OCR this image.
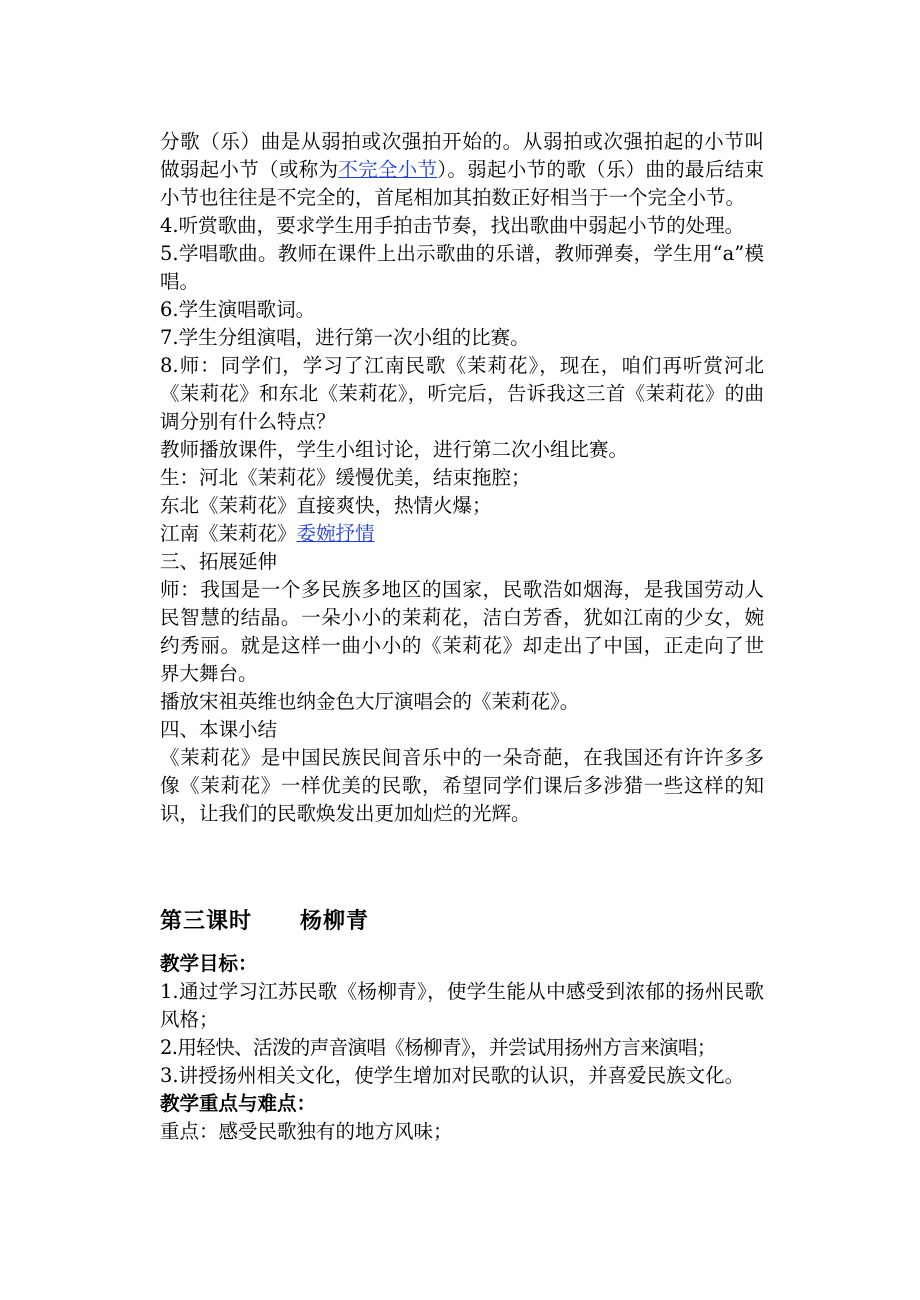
分歌（乐）曲是从弱拍或次强拍开始的。从弱拍或次强拍起的小节叫做弱起小节（或称为不完全小节）。弱起小节的歌（乐）曲的最后结束小节也往往是不完全的，首尾相加其拍数正好相当于一个完全小节。

4.听赏歌曲，要求学生用手拍击节奏，找出歌曲中弱起小节的处理。

5.学唱歌曲。教师在课件上出示歌曲的乐谱，教师弹奏，学生用“a”模唱。

6.学生演唱歌词。

7.学生分组演唱，进行第一次小组的比赛。

8.师：同学们，学习了江南民歌《茉莉花》，现在，咱们再听赏河北《茉莉花》和东北《茉莉花》，听完后，告诉我这三首《茉莉花》的曲调分别有什么特点？

教师播放课件，学生小组讨论，进行第二次小组比赛。

生：河北《茉莉花》缓慢优美，结束拖腔；

东北《茉莉花》直接爽快，热情火爆；

江南《茉莉花》委婉抒情

三、拓展延伸

师：我国是一个多民族多地区的国家，民歌浩如烟海，是我国劳动人民智慧的结晶。一朵小小的茉莉花，洁白芳香，犹如江南的少女，婉约秀丽。就是这样一曲小小的《茉莉花》却走出了中国，正走向了世界大舞台。

播放宋祖英维也纳金色大厅演唱会的《茉莉花》。

四、本课小结

《茉莉花》是中国民族民间音乐中的一朵奇葩，在我国还有许许多多像《茉莉花》一样优美的民歌，希望同学们课后多涉猎一些这样的知识，让我们的民歌焕发出更加灿烂的光辉。

第三课时 杨柳青

教学目标：

1.通过学习江苏民歌《杨柳青》，使学生能从中感受到浓郁的扬州民歌风格；

2.用轻快、活泼的声音演唱《杨柳青》，并尝试用扬州方言来演唱；

3.讲授扬州相关文化，使学生增加对民歌的认识，并喜爱民族文化。

教学重点与难点：

重点：感受民歌独有的地方风味；
